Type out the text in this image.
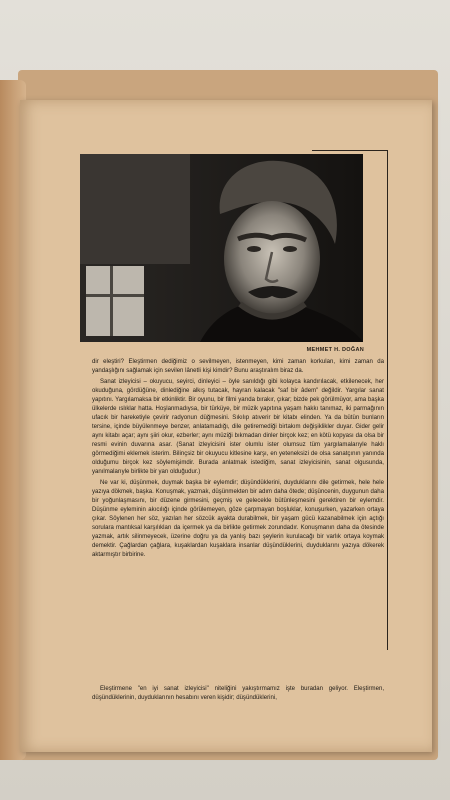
MEHMET H. DOĞAN

dir eleştiri? Eleştirmen dediğimiz o sevilmeyen, istenmeyen, kimi zaman korkulan, kimi zaman da yandaşlığını sağlamak için sevilen lânetli kişi kimdir? Bunu araştıralım biraz da.

Sanat izleyicisi – okuyucu, seyirci, dinleyici – öyle sanıldığı gibi kolayca kandırılacak, etkilenecek, her okuduğuna, gördüğüne, dinlediğine alkış tutacak, hayran kalacak "saf bir âdem" değildir. Yargılar sanat yapıtını. Yargılamaksa bir etkinliktir. Bir oyunu, bir filmi yarıda bırakır, çıkar; bizde pek görülmüyor, ama başka ülkelerde ıslıklar hatta. Hoşlanmadıysa, bir türküye, bir müzik yapıtına yaşam hakkı tanımaz, iki parmağının ufacık bir hareketiyle çevirir radyonun düğmesini. Sıkılıp atıverir bir kitabı elinden. Ya da bütün bunların tersine, içinde büyülenmeye benzer, anlatamadığı, dile getiremediği birtakım değişiklikler duyar. Gider gelir aynı kitabı açar; aynı şiiri okur, ezberler; aynı müziği bıkmadan dinler birçok kez; en kötü kopyası da olsa bir resmi evinin duvarına asar. (Sanat izleyicisini ister olumlu ister olumsuz tüm yargılamalarıyle haklı görmediğimi eklemek isterim. Bilinçsiz bir okuyucu kitlesine karşı, en yeteneksizi de olsa sanatçının yanında olduğumu birçok kez söylemişimdir. Burada anlatmak istediğim, sanat izleyicisinin, sanat olgusunda, yanılmalarıyle birlikte bir yan olduğudur.)

Ne var ki, düşünmek, duymak başka bir eylemdir; düşündüklerini, duyduklarını dile getirmek, hele hele yazıya dökmek, başka. Konuşmak, yazmak, düşünmekten bir adım daha ötede; düşüncenin, duygunun daha bir yoğunlaşmasını, bir düzene girmesini, geçmiş ve gelecekle bütünleşmesini gerektiren bir eylemdir. Düşünme eyleminin akıcılığı içinde görülemeyen, göze çarpmayan boşluklar, konuşurken, yazarken ortaya çıkar. Söylenen her söz, yazılan her sözcük ayakta durabilmek, bir yaşam gücü kazanabilmek için açtığı sorulara mantıksal karşılıkları da içermek ya da birlikte getirmek zorundadır. Konuşmanın daha da ötesinde yazmak, artık silinmeyecek, üzerine doğru ya da yanlış bazı şeylerin kurulacağı bir varlık ortaya koymak demektir. Çağlardan çağlara, kuşaklardan kuşaklara insanlar düşündüklerini, duyduklarını yazıya dökerek aktarmıştır birbirine.

Eleştirmene "en iyi sanat izleyicisi" niteliğini yakıştırmamız işte buradan geliyor. Eleştirmen, düşündüklerinin, duyduklarının hesabını veren kişidir; düşündüklerini,
